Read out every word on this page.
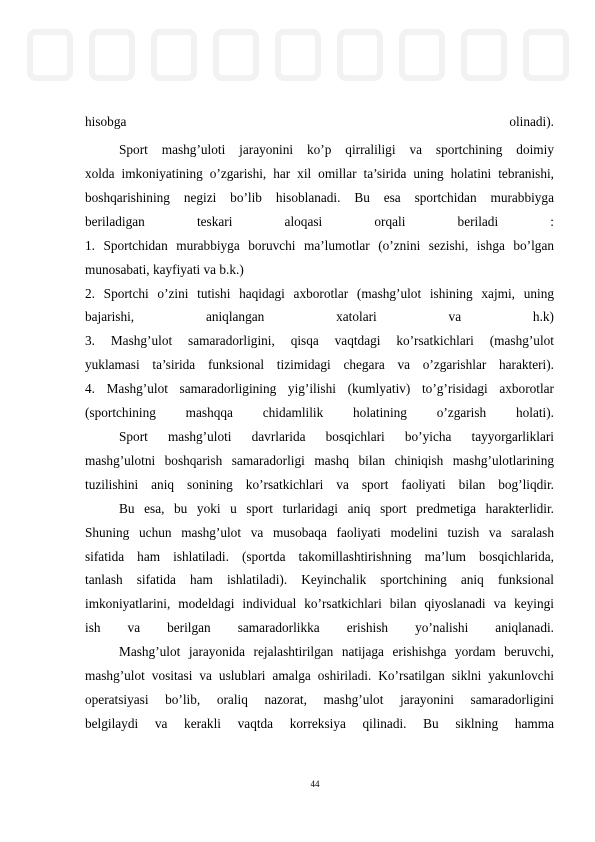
hisobga olinadi).
Sport mashg’uloti jarayonini ko’p qirraliligi va sportchining doimiy
xolda imkoniyatining o’zgarishi, har xil omillar ta’sirida uning holatini tebranishi,
boshqarishining negizi bo’lib hisoblanadi. Bu esa sportchidan murabbiyga
beriladigan teskari aloqasi orqali beriladi :
1. Sportchidan murabbiyga boruvchi ma’lumotlar (o’znini sezishi, ishga bo’lgan
munosabati, kayfiyati va b.k.)
2. Sportchi o’zini tutishi haqidagi axborotlar (mashg’ulot ishining xajmi, uning
bajarishi, aniqlangan xatolari va h.k)
3. Mashg’ulot samaradorligini, qisqa vaqtdagi ko’rsatkichlari (mashg’ulot
yuklamasi ta’sirida funksional tizimidagi chegara va o’zgarishlar harakteri).
4. Mashg’ulot samaradorligining yig’ilishi (kumlyativ) to’g’risidagi axborotlar
(sportchining mashqqa chidamlilik holatining o’zgarish holati).
Sport mashg’uloti davrlarida bosqichlari bo’yicha tayyorgarliklari
mashg’ulotni boshqarish samaradorligi mashq bilan chiniqish mashg’ulotlarining
tuzilishini aniq sonining ko’rsatkichlari va sport faoliyati bilan bog’liqdir.
Bu esa, bu yoki u sport turlaridagi aniq sport predmetiga harakterlidir.
Shuning uchun mashg’ulot va musobaqa faoliyati modelini tuzish va saralash
sifatida ham ishlatiladi. (sportda takomillashtirishning ma’lum bosqichlarida,
tanlash sifatida ham ishlatiladi). Keyinchalik sportchining aniq funksional
imkoniyatlarini, modeldagi individual ko’rsatkichlari bilan qiyoslanadi va keyingi
ish va berilgan samaradorlikka erishish yo’nalishi aniqlanadi.
Mashg’ulot jarayonida rejalashtirilgan natijaga erishishga yordam beruvchi,
mashg’ulot vositasi va uslublari amalga oshiriladi. Ko’rsatilgan siklni yakunlovchi
operatsiyasi bo’lib, oraliq nazorat, mashg’ulot jarayonini samaradorligini
belgilaydi va kerakli vaqtda korreksiya qilinadi. Bu siklning hamma
44
